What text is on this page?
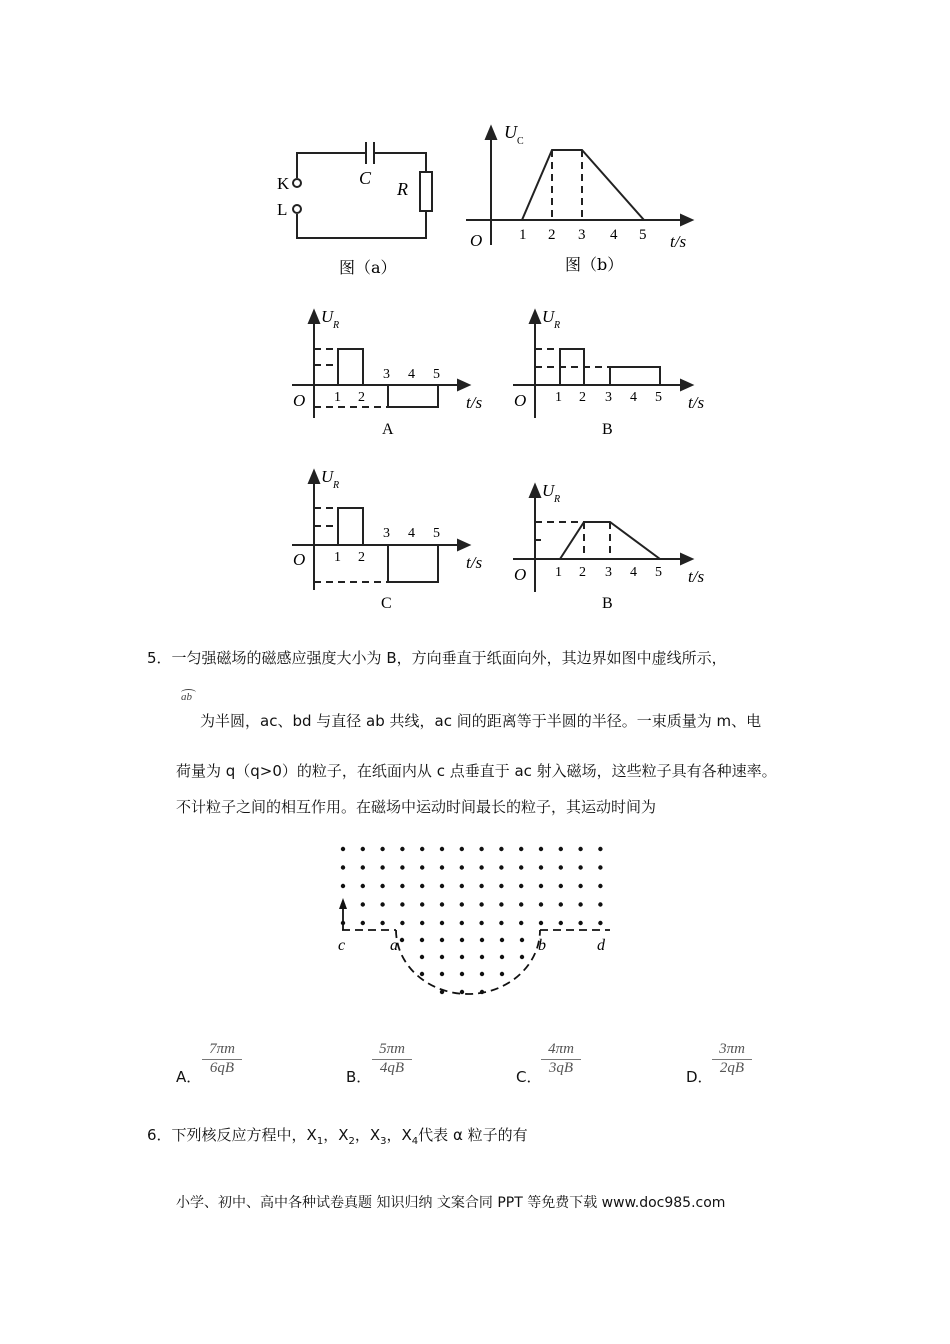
K
L
C
R
图（a）
1 2 3 4 5
O
U C
t/s
图（b）
1 2
3 4 5
O
U R
t/s
A
1 2 3 4 5
O
U R
t/s
B
1 2
3 4 5
O
U R
t/s
C
1 2 3 4 5
O
U R
t/s
B
5．一匀强磁场的磁感应强度大小为 B，方向垂直于纸面向外，其边界如图中虚线所示，
ab
为半圆，ac、bd 与直径 ab 共线，ac 间的距离等于半圆的半径。一束质量为 m、电
荷量为 q（q>0）的粒子，在纸面内从 c 点垂直于 ac 射入磁场，这些粒子具有各种速率。
不计粒子之间的相互作用。在磁场中运动时间最长的粒子，其运动时间为
c	a	b	d
A． $\frac{7\pi m}{6qB}$	B． $\frac{5\pi m}{4qB}$	C． $\frac{4\pi m}{3qB}$	D． $\frac{3\pi m}{2qB}$
6．下列核反应方程中，$X_1$，$X_2$，$X_3$，$X_4$代表 α 粒子的有
小学、初中、高中各种试卷真题 知识归纳 文案合同 PPT 等免费下载 www.doc985.com
